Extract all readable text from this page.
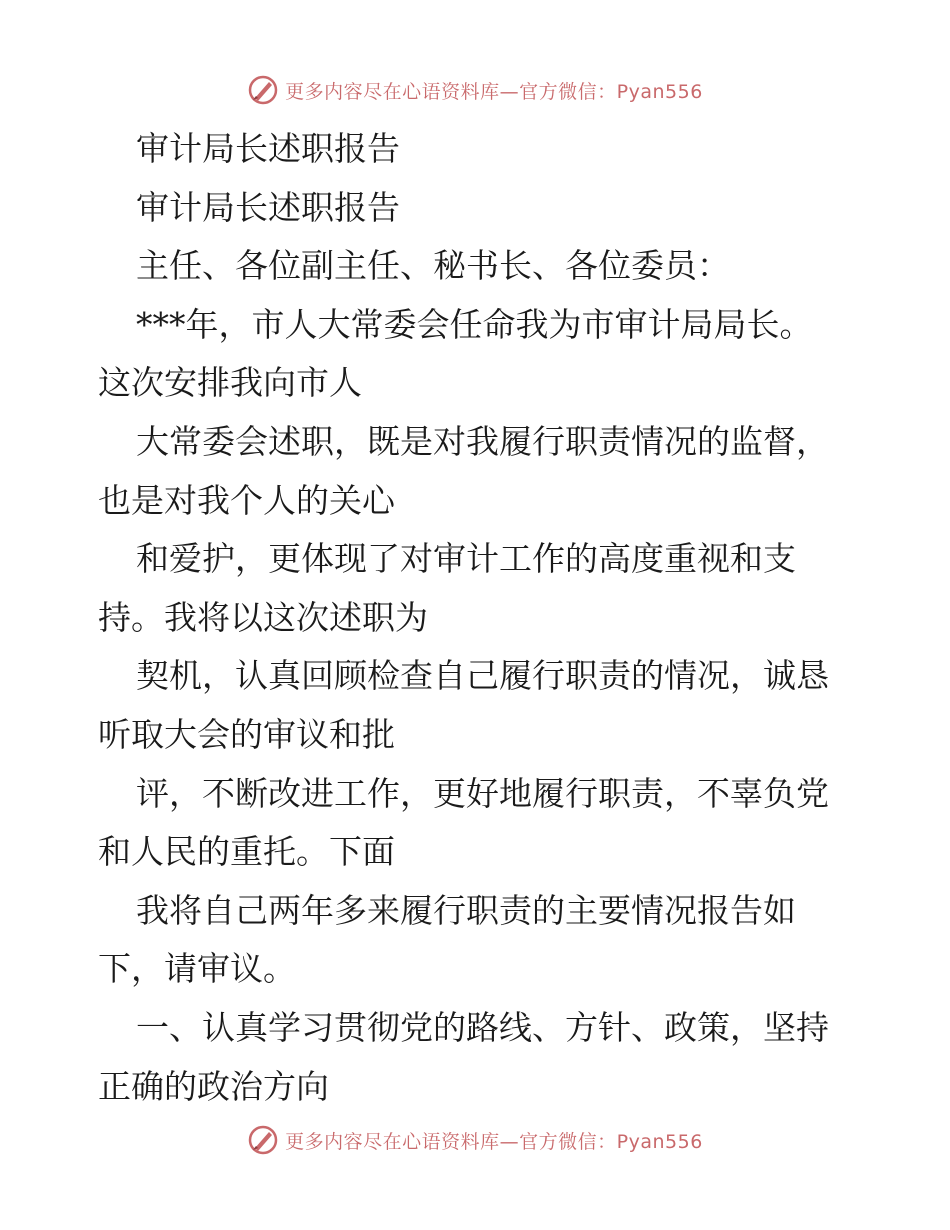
更多内容尽在心语资料库—官方微信：Pyan556
审计局长述职报告
审计局长述职报告
主任、各位副主任、秘书长、各位委员：
***年，市人大常委会任命我为市审计局局长。
这次安排我向市人
大常委会述职，既是对我履行职责情况的监督，
也是对我个人的关心
和爱护，更体现了对审计工作的高度重视和支
持。我将以这次述职为
契机，认真回顾检查自己履行职责的情况，诚恳
听取大会的审议和批
评，不断改进工作，更好地履行职责，不辜负党
和人民的重托。下面
我将自己两年多来履行职责的主要情况报告如
下，请审议。
一、认真学习贯彻党的路线、方针、政策，坚持
正确的政治方向
更多内容尽在心语资料库—官方微信：Pyan556
